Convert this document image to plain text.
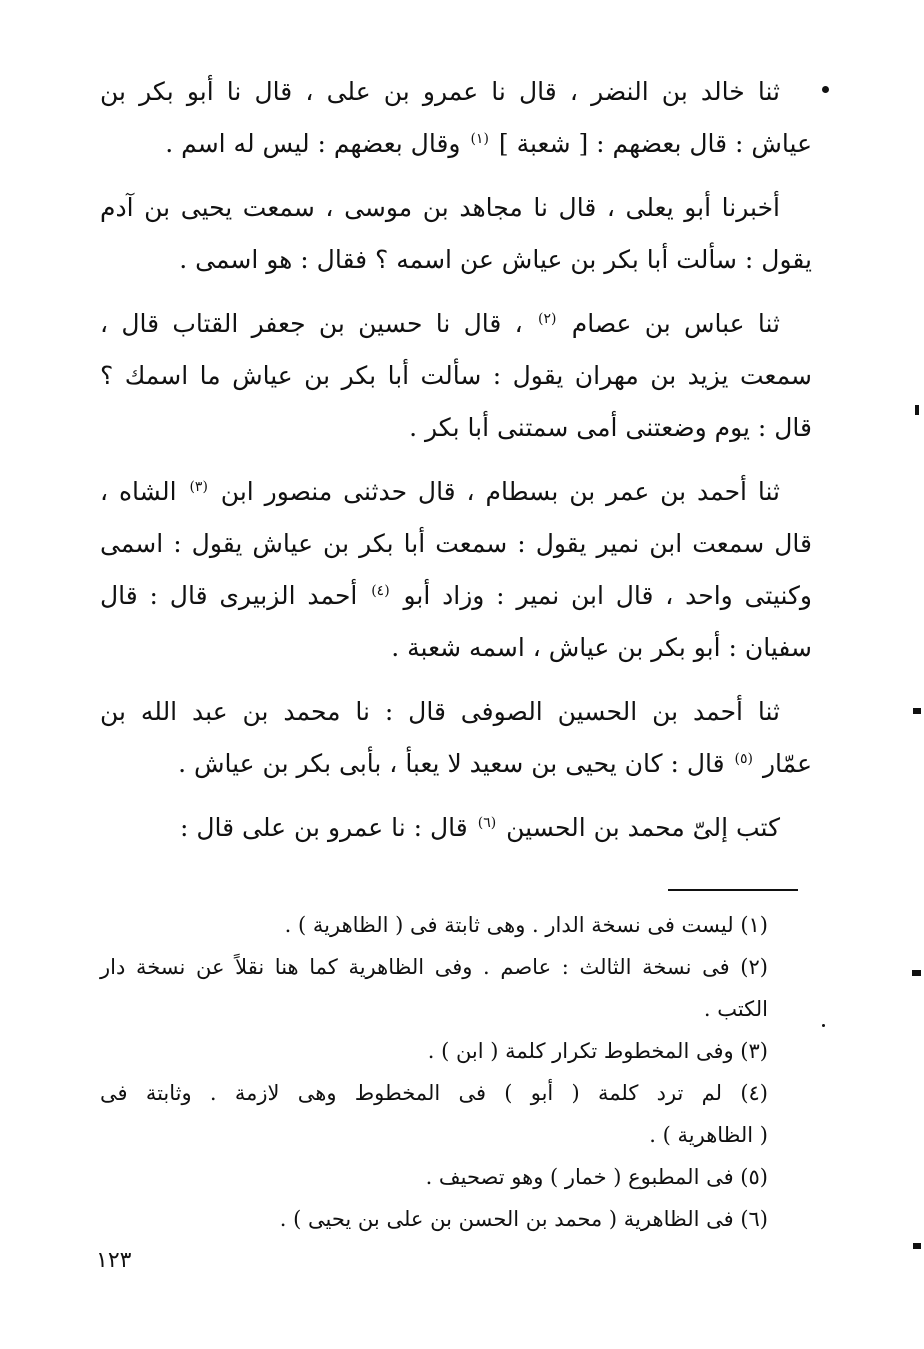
ثنا خالد بن النضر ، قال نا عمرو بن على ، قال نا أبو بكر بن
عياش : قال بعضهم : [ شعبة ] $^{(١)}$ وقال بعضهم : ليس له اسم .
أخبرنا أبو يعلى ، قال نا مجاهد بن موسى ، سمعت يحيى بن آدم
يقول : سألت أبا بكر بن عياش عن اسمه ؟ فقال : هو اسمى .
ثنا عباس بن عصام $^{(٢)}$ ، قال نا حسين بن جعفر القتاب قال ،
سمعت يزيد بن مهران يقول : سألت أبا بكر بن عياش ما اسمك ؟
قال : يوم وضعتنى أمى سمتنى أبا بكر .
ثنا أحمد بن عمر بن بسطام ، قال حدثنى منصور ابن $^{(٣)}$ الشاه ،
قال سمعت ابن نمير يقول : سمعت أبا بكر بن عياش يقول : اسمى
وكنيتى واحد ، قال ابن نمير : وزاد أبو $^{(٤)}$ أحمد الزبيرى قال : قال
سفيان : أبو بكر بن عياش ، اسمه شعبة .
ثنا أحمد بن الحسين الصوفى قال : نا محمد بن عبد الله بن
عمّار $^{(٥)}$ قال : كان يحيى بن سعيد لا يعبأ ، بأبى بكر بن عياش .
كتب إلىّ محمد بن الحسين $^{(٦)}$ قال : نا عمرو بن على قال :
(١) ليست فى نسخة الدار . وهى ثابتة فى ( الظاهرية ) .
(٢) فى نسخة الثالث : عاصم . وفى الظاهرية كما هنا نقلاً عن نسخة دار
الكتب .
(٣) وفى المخطوط تكرار كلمة ( ابن ) .
(٤) لم ترد كلمة ( أبو ) فى المخطوط وهى لازمة . وثابتة فى
( الظاهرية ) .
(٥) فى المطبوع ( خمار ) وهو تصحيف .
(٦) فى الظاهرية ( محمد بن الحسن بن على بن يحيى ) .
١٢٣
